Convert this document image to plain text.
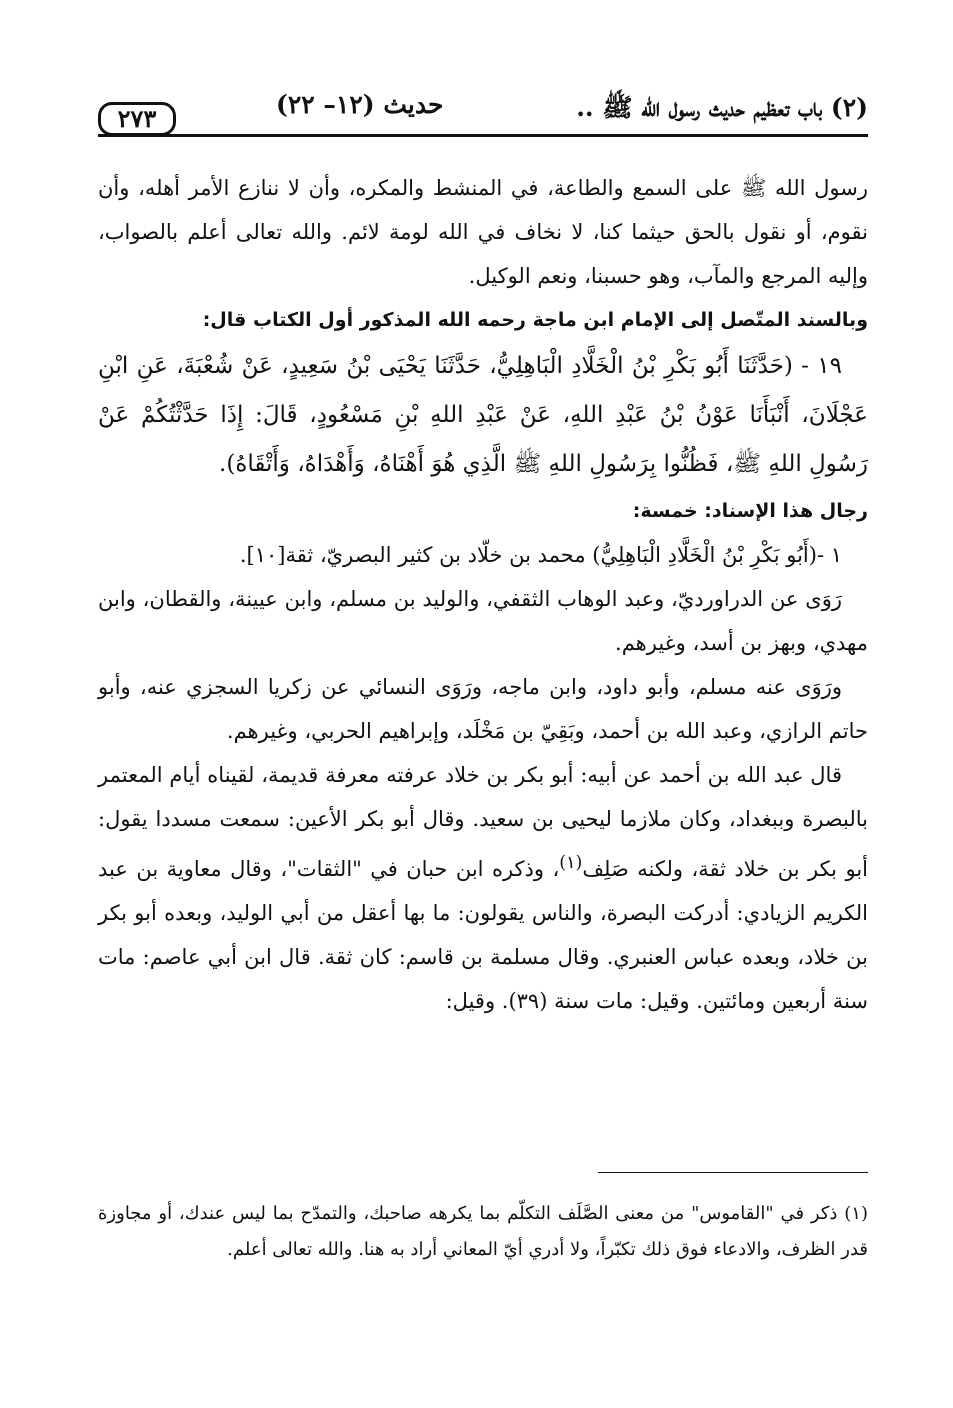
(٢) باب تعظيم حديث رسول الله ﷺ ..
حديث (١٢– ٢٢)
٢٧٣

رسول الله ﷺ على السمع والطاعة، في المنشط والمكره، وأن لا ننازع الأمر أهله، وأن نقوم، أو نقول بالحق حيثما كنا، لا نخاف في الله لومة لائم. والله تعالى أعلم بالصواب، وإليه المرجع والمآب، وهو حسبنا، ونعم الوكيل.

وبالسند المتّصل إلى الإمام ابن ماجة رحمه الله المذكور أول الكتاب قال:

١٩ - (حَدَّثَنَا أَبُو بَكْرِ بْنُ الْخَلَّادِ الْبَاهِلِيُّ، حَدَّثَنَا يَحْيَى بْنُ سَعِيدٍ، عَنْ شُعْبَةَ، عَنِ ابْنِ عَجْلَانَ، أَنْبَأَنَا عَوْنُ بْنُ عَبْدِ اللهِ، عَنْ عَبْدِ اللهِ بْنِ مَسْعُودٍ، قَالَ: إِذَا حَدَّثْتُكُمْ عَنْ رَسُولِ اللهِ ﷺ، فَظُنُّوا بِرَسُولِ اللهِ ﷺ الَّذِي هُوَ أَهْنَاهُ، وَأَهْدَاهُ، وَأَتْقَاهُ).

رجال هذا الإسناد: خمسة:

١ -(أَبُو بَكْرِ بْنُ الْخَلَّادِ الْبَاهِلِيُّ) محمد بن خلّاد بن كثير البصريّ، ثقة[١٠].

رَوَى عن الدراورديّ، وعبد الوهاب الثقفي، والوليد بن مسلم، وابن عيينة، والقطان، وابن مهدي، وبهز بن أسد، وغيرهم.

ورَوَى عنه مسلم، وأبو داود، وابن ماجه، ورَوَى النسائي عن زكريا السجزي عنه، وأبو حاتم الرازي، وعبد الله بن أحمد، وبَقِيّ بن مَخْلَد، وإبراهيم الحربي، وغيرهم.

قال عبد الله بن أحمد عن أبيه: أبو بكر بن خلاد عرفته معرفة قديمة، لقيناه أيام المعتمر بالبصرة وببغداد، وكان ملازما ليحيى بن سعيد. وقال أبو بكر الأعين: سمعت مسددا يقول: أبو بكر بن خلاد ثقة، ولكنه صَلِف$^{(١)}$، وذكره ابن حبان في "الثقات"، وقال معاوية بن عبد الكريم الزيادي: أدركت البصرة، والناس يقولون: ما بها أعقل من أبي الوليد، وبعده أبو بكر بن خلاد، وبعده عباس العنبري. وقال مسلمة بن قاسم: كان ثقة. قال ابن أبي عاصم: مات سنة أربعين ومائتين. وقيل: مات سنة (٣٩). وقيل:

(١) ذكر في "القاموس" من معنى الصَّلَف التكلّم بما يكرهه صاحبك، والتمدّح بما ليس عندك، أو مجاوزة قدر الظرف، والادعاء فوق ذلك تكبّراً، ولا أدري أيّ المعاني أراد به هنا. والله تعالى أعلم.
